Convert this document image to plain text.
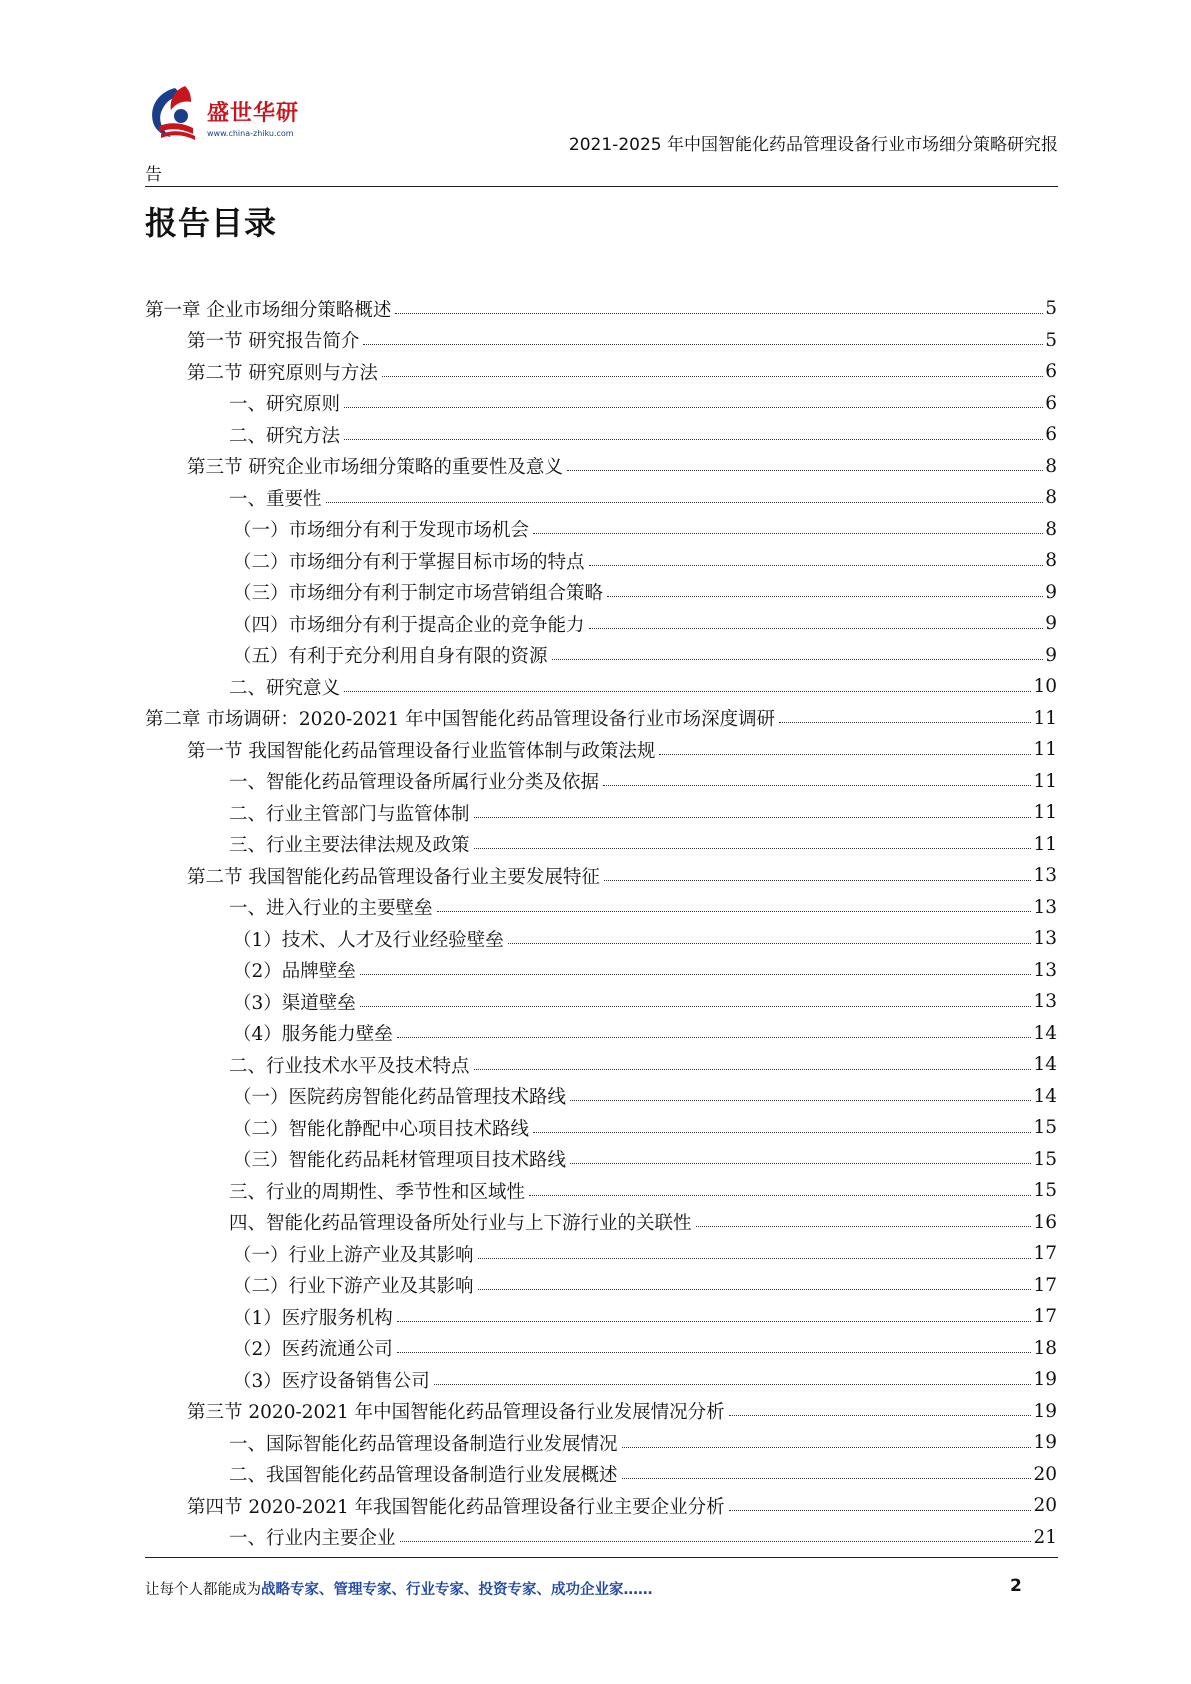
盛世华研
www.china-zhiku.com
2021-2025 年中国智能化药品管理设备行业市场细分策略研究报
告
报告目录
第一章 企业市场细分策略概述	5
第一节 研究报告简介	5
第二节 研究原则与方法	6
一、研究原则	6
二、研究方法	6
第三节 研究企业市场细分策略的重要性及意义	8
一、重要性	8
（一）市场细分有利于发现市场机会	8
（二）市场细分有利于掌握目标市场的特点	8
（三）市场细分有利于制定市场营销组合策略	9
（四）市场细分有利于提高企业的竞争能力	9
（五）有利于充分利用自身有限的资源	9
二、研究意义	10
第二章 市场调研：2020-2021 年中国智能化药品管理设备行业市场深度调研	11
第一节 我国智能化药品管理设备行业监管体制与政策法规	11
一、智能化药品管理设备所属行业分类及依据	11
二、行业主管部门与监管体制	11
三、行业主要法律法规及政策	11
第二节 我国智能化药品管理设备行业主要发展特征	13
一、进入行业的主要壁垒	13
（1）技术、人才及行业经验壁垒	13
（2）品牌壁垒	13
（3）渠道壁垒	13
（4）服务能力壁垒	14
二、行业技术水平及技术特点	14
（一）医院药房智能化药品管理技术路线	14
（二）智能化静配中心项目技术路线	15
（三）智能化药品耗材管理项目技术路线	15
三、行业的周期性、季节性和区域性	15
四、智能化药品管理设备所处行业与上下游行业的关联性	16
（一）行业上游产业及其影响	17
（二）行业下游产业及其影响	17
（1）医疗服务机构	17
（2）医药流通公司	18
（3）医疗设备销售公司	19
第三节 2020-2021 年中国智能化药品管理设备行业发展情况分析	19
一、国际智能化药品管理设备制造行业发展情况	19
二、我国智能化药品管理设备制造行业发展概述	20
第四节 2020-2021 年我国智能化药品管理设备行业主要企业分析	20
一、行业内主要企业	21
让每个人都能成为战略专家、管理专家、行业专家、投资专家、成功企业家……	2
